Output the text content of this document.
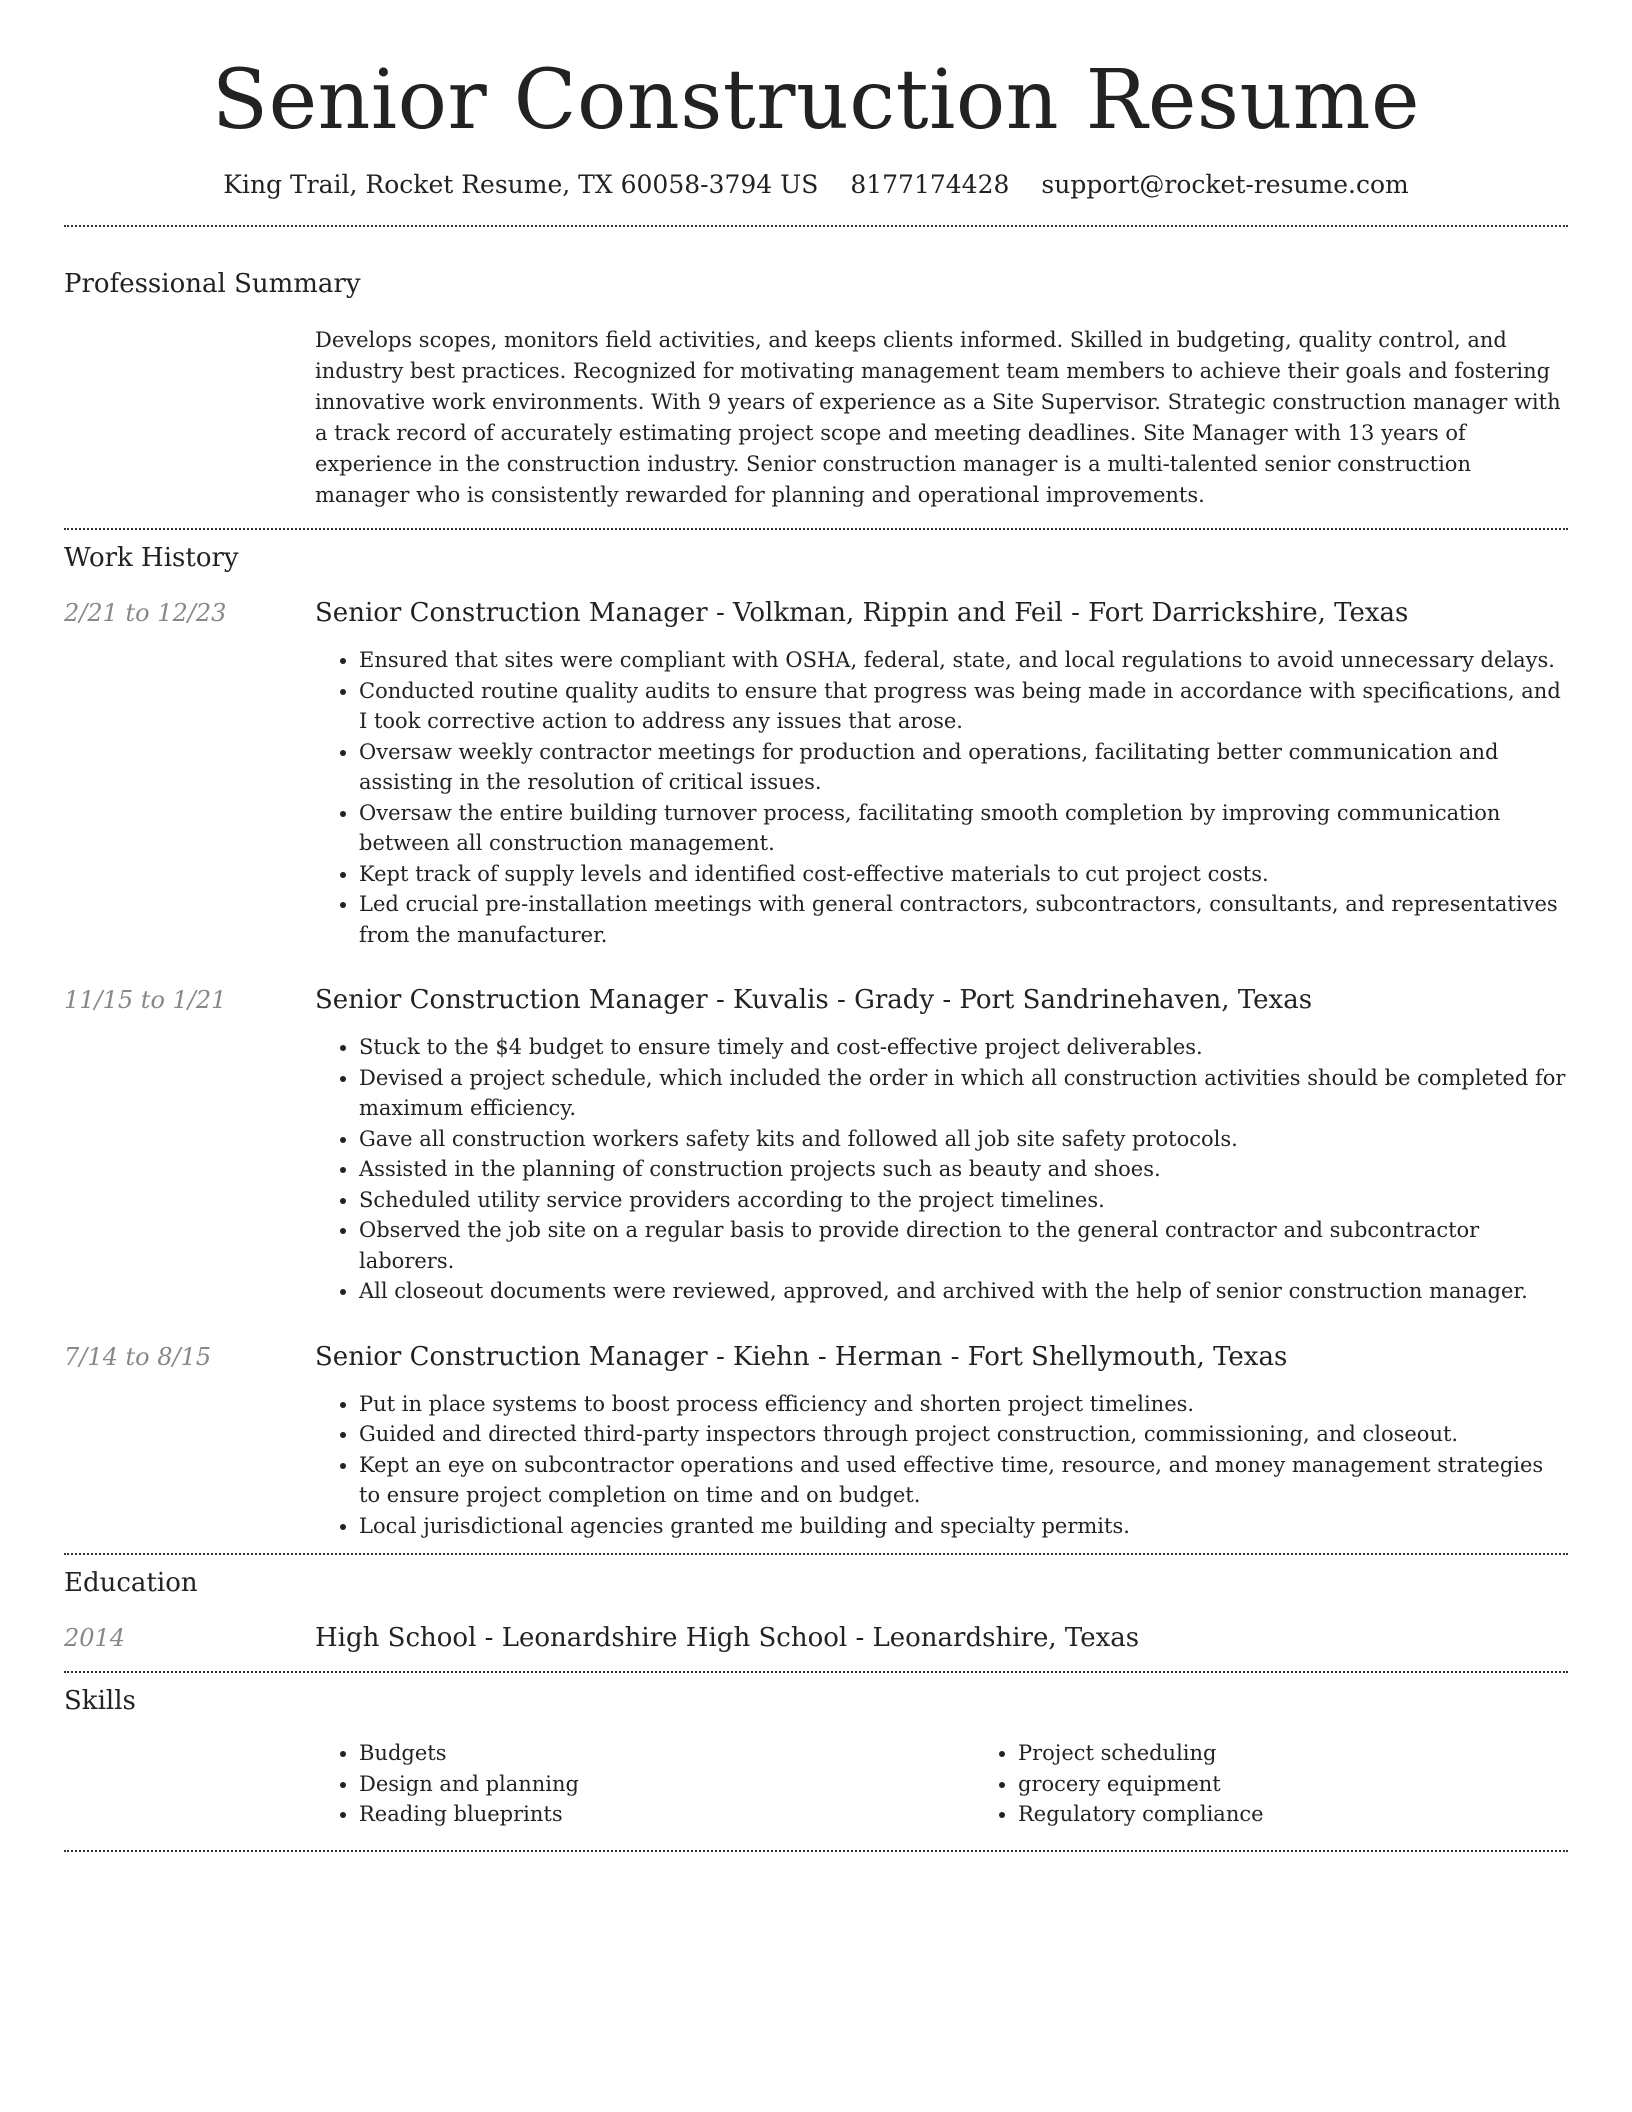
Senior Construction Resume
King Trail, Rocket Resume, TX 60058-3794 US 8177174428 support@rocket-resume.com
Professional Summary

Develops scopes, monitors field activities, and keeps clients informed. Skilled in budgeting, quality control, and industry best practices. Recognized for motivating management team members to achieve their goals and fostering innovative work environments. With 9 years of experience as a Site Supervisor. Strategic construction manager with a track record of accurately estimating project scope and meeting deadlines. Site Manager with 13 years of experience in the construction industry. Senior construction manager is a multi-talented senior construction manager who is consistently rewarded for planning and operational improvements.

Work History
2/21 to 12/23	Senior Construction Manager - Volkman, Rippin and Feil - Fort Darrickshire, Texas
• Ensured that sites were compliant with OSHA, federal, state, and local regulations to avoid unnecessary delays.
• Conducted routine quality audits to ensure that progress was being made in accordance with specifications, and I took corrective action to address any issues that arose.
• Oversaw weekly contractor meetings for production and operations, facilitating better communication and assisting in the resolution of critical issues.
• Oversaw the entire building turnover process, facilitating smooth completion by improving communication between all construction management.
• Kept track of supply levels and identified cost-effective materials to cut project costs.
• Led crucial pre-installation meetings with general contractors, subcontractors, consultants, and representatives from the manufacturer.
11/15 to 1/21	Senior Construction Manager - Kuvalis - Grady - Port Sandrinehaven, Texas
• Stuck to the $4 budget to ensure timely and cost-effective project deliverables.
• Devised a project schedule, which included the order in which all construction activities should be completed for maximum efficiency.
• Gave all construction workers safety kits and followed all job site safety protocols.
• Assisted in the planning of construction projects such as beauty and shoes.
• Scheduled utility service providers according to the project timelines.
• Observed the job site on a regular basis to provide direction to the general contractor and subcontractor laborers.
• All closeout documents were reviewed, approved, and archived with the help of senior construction manager.
7/14 to 8/15	Senior Construction Manager - Kiehn - Herman - Fort Shellymouth, Texas
• Put in place systems to boost process efficiency and shorten project timelines.
• Guided and directed third-party inspectors through project construction, commissioning, and closeout.
• Kept an eye on subcontractor operations and used effective time, resource, and money management strategies to ensure project completion on time and on budget.
• Local jurisdictional agencies granted me building and specialty permits.
Education
2014	High School - Leonardshire High School - Leonardshire, Texas
Skills
• Budgets
• Design and planning
• Reading blueprints
• Project scheduling
• grocery equipment
• Regulatory compliance
